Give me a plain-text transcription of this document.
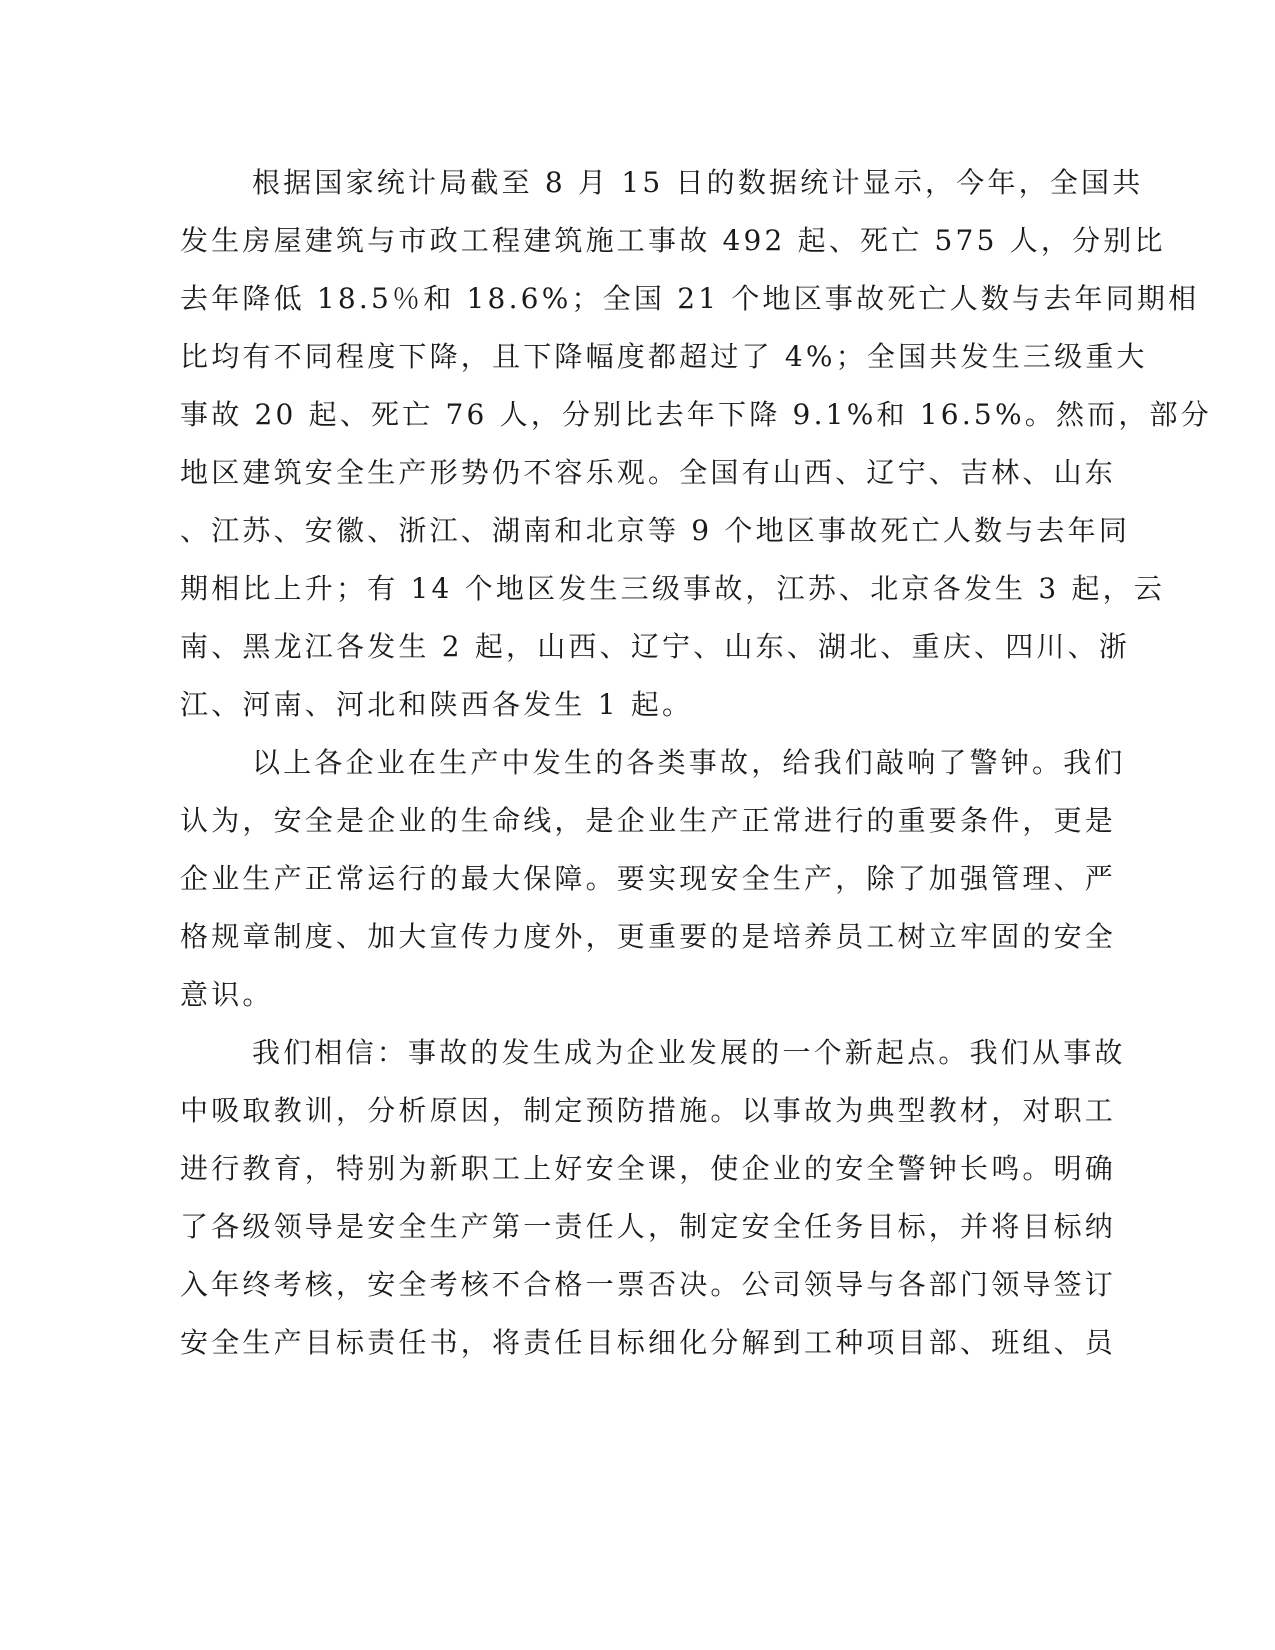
根据国家统计局截至 8 月 15 日的数据统计显示，今年，全国共
发生房屋建筑与市政工程建筑施工事故 492 起、死亡 575 人，分别比
去年降低 18.5％和 18.6%；全国 21 个地区事故死亡人数与去年同期相
比均有不同程度下降，且下降幅度都超过了 4%；全国共发生三级重大
事故 20 起、死亡 76 人，分别比去年下降 9.1%和 16.5%。然而，部分
地区建筑安全生产形势仍不容乐观。全国有山西、辽宁、吉林、山东
、江苏、安徽、浙江、湖南和北京等 9 个地区事故死亡人数与去年同
期相比上升；有 14 个地区发生三级事故，江苏、北京各发生 3 起，云
南、黑龙江各发生 2 起，山西、辽宁、山东、湖北、重庆、四川、浙
江、河南、河北和陕西各发生 1 起。
以上各企业在生产中发生的各类事故，给我们敲响了警钟。我们
认为，安全是企业的生命线，是企业生产正常进行的重要条件，更是
企业生产正常运行的最大保障。要实现安全生产，除了加强管理、严
格规章制度、加大宣传力度外，更重要的是培养员工树立牢固的安全
意识。
我们相信：事故的发生成为企业发展的一个新起点。我们从事故
中吸取教训，分析原因，制定预防措施。以事故为典型教材，对职工
进行教育，特别为新职工上好安全课，使企业的安全警钟长鸣。明确
了各级领导是安全生产第一责任人，制定安全任务目标，并将目标纳
入年终考核，安全考核不合格一票否决。公司领导与各部门领导签订
安全生产目标责任书，将责任目标细化分解到工种项目部、班组、员
